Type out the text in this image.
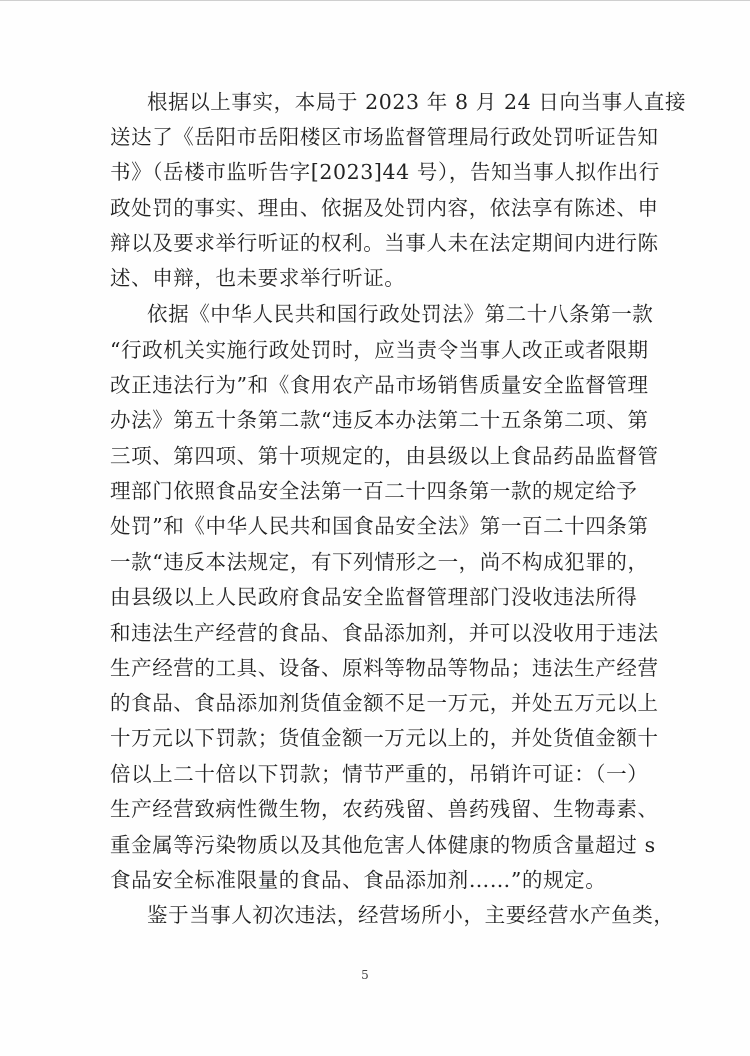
根据以上事实，本局于 2023 年 8 月 24 日向当事人直接
送达了《岳阳市岳阳楼区市场监督管理局行政处罚听证告知
书》（岳楼市监听告字[2023]44 号），告知当事人拟作出行
政处罚的事实、理由、依据及处罚内容，依法享有陈述、申
辩以及要求举行听证的权利。当事人未在法定期间内进行陈
述、申辩，也未要求举行听证。
依据《中华人民共和国行政处罚法》第二十八条第一款
“行政机关实施行政处罚时，应当责令当事人改正或者限期
改正违法行为”和《食用农产品市场销售质量安全监督管理
办法》第五十条第二款“违反本办法第二十五条第二项、第
三项、第四项、第十项规定的，由县级以上食品药品监督管
理部门依照食品安全法第一百二十四条第一款的规定给予
处罚”和《中华人民共和国食品安全法》第一百二十四条第
一款“违反本法规定，有下列情形之一，尚不构成犯罪的，
由县级以上人民政府食品安全监督管理部门没收违法所得
和违法生产经营的食品、食品添加剂，并可以没收用于违法
生产经营的工具、设备、原料等物品等物品；违法生产经营
的食品、食品添加剂货值金额不足一万元，并处五万元以上
十万元以下罚款；货值金额一万元以上的，并处货值金额十
倍以上二十倍以下罚款；情节严重的，吊销许可证：（一）
生产经营致病性微生物，农药残留、兽药残留、生物毒素、
重金属等污染物质以及其他危害人体健康的物质含量超过 s
食品安全标准限量的食品、食品添加剂……”的规定。
鉴于当事人初次违法，经营场所小，主要经营水产鱼类，
5
